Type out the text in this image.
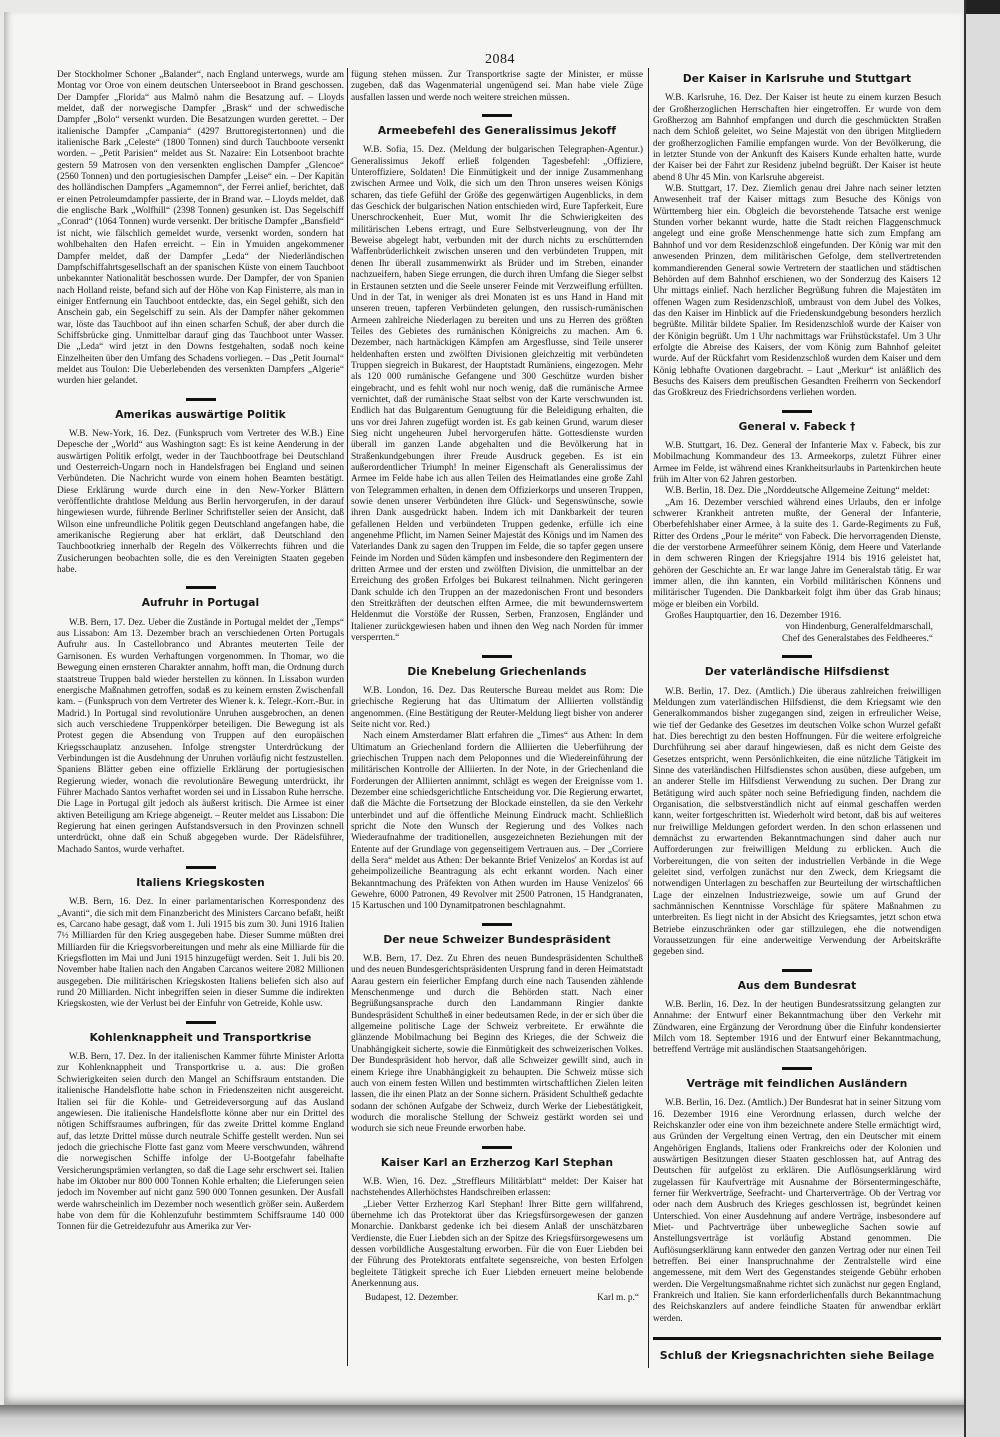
2084

Der Stockholmer Schoner „Balander“, nach England unterwegs, wurde am Montag vor Oroe von einem deutschen Unterseeboot in Brand geschossen. Der Dampfer „Florida“ aus Malmö nahm die Besatzung auf. – Lloyds meldet, daß der norwegische Dampfer „Brask“ und der schwedische Dampfer „Bolo“ versenkt wurden. Die Besatzungen wurden gerettet. – Der italienische Dampfer „Campania“ (4297 Bruttoregistertonnen) und die italienische Bark „Celeste“ (1800 Tonnen) sind durch Tauchboote versenkt worden. – „Petit Parisien“ meldet aus St. Nazaire: Ein Lotsenboot brachte gestern 59 Matrosen von den versenkten englischen Dampfer „Glencoe“ (2560 Tonnen) und den portugiesischen Dampfer „Leise“ ein. – Der Kapitän des holländischen Dampfers „Agamemnon“, der Ferrei anlief, berichtet, daß er einen Petroleumdampfer passierte, der in Brand war. – Lloyds meldet, daß die englische Bark „Wolfhill“ (2398 Tonnen) gesunken ist. Das Segelschiff „Conrad“ (1064 Tonnen) wurde versenkt. Der britische Dampfer „Bansfield“ ist nicht, wie fälschlich gemeldet wurde, versenkt worden, sondern hat wohlbehalten den Hafen erreicht. – Ein in Ymuiden angekommener Dampfer meldet, daß der Dampfer „Leda“ der Niederländischen Dampfschiffahrtsgesellschaft an der spanischen Küste von einem Tauchboot unbekannter Nationalität beschossen wurde. Der Dampfer, der von Spanien nach Holland reiste, befand sich auf der Höhe von Kap Finisterre, als man in einiger Entfernung ein Tauchboot entdeckte, das, ein Segel gehißt, sich den Anschein gab, ein Segelschiff zu sein. Als der Dampfer näher gekommen war, löste das Tauchboot auf ihn einen scharfen Schuß, der aber durch die Schiffsbrücke ging. Unmittelbar darauf ging das Tauchboot unter Wasser. Die „Leda“ wird jetzt in den Downs festgehalten, sodaß noch keine Einzelheiten über den Umfang des Schadens vorliegen. – Das „Petit Journal“ meldet aus Toulon: Die Ueberlebenden des versenkten Dampfers „Algerie“ wurden hier gelandet.

Amerikas auswärtige Politik

W.B. New-York, 16. Dez. (Funkspruch vom Vertreter des W.B.) Eine Depesche der „World“ aus Washington sagt: Es ist keine Aenderung in der auswärtigen Politik erfolgt, weder in der Tauchbootfrage bei Deutschland und Oesterreich-Ungarn noch in Handelsfragen bei England und seinen Verbündeten. Die Nachricht wurde von einem hohen Beamten bestätigt. Diese Erklärung wurde durch eine in den New-Yorker Blättern veröffentlichte drahtlose Meldung aus Berlin hervorgerufen, in der darauf hingewiesen wurde, führende Berliner Schriftsteller seien der Ansicht, daß Wilson eine unfreundliche Politik gegen Deutschland angefangen habe, die amerikanische Regierung aber hat erklärt, daß Deutschland den Tauchbootkrieg innerhalb der Regeln des Völkerrechts führen und die Zusicherungen beobachten solle, die es den Vereinigten Staaten gegeben habe.

Aufruhr in Portugal

W.B. Bern, 17. Dez. Ueber die Zustände in Portugal meldet der „Temps“ aus Lissabon: Am 13. Dezember brach an verschiedenen Orten Portugals Aufruhr aus. In Castellobranco und Abrantes meuterten Teile der Garnisonen. Es wurden Verhaftungen vorgenommen. In Thomar, wo die Bewegung einen ernsteren Charakter annahm, hofft man, die Ordnung durch staatstreue Truppen bald wieder herstellen zu können. In Lissabon wurden energische Maßnahmen getroffen, sodaß es zu keinem ernsten Zwischenfall kam. – (Funkspruch von dem Vertreter des Wiener k. k. Telegr.-Korr.-Bur. in Madrid.) In Portugal sind revolutionäre Unruhen ausgebrochen, an denen sich auch verschiedene Truppenkörper beteiligen. Die Bewegung ist als Protest gegen die Absendung von Truppen auf den europäischen Kriegsschauplatz anzusehen. Infolge strengster Unterdrückung der Verbindungen ist die Ausdehnung der Unruhen vorläufig nicht festzustellen. Spaniens Blätter geben eine offizielle Erklärung der portugiesischen Regierung wieder, wonach die revolutionäre Bewegung unterdrückt, ihr Führer Machado Santos verhaftet worden sei und in Lissabon Ruhe herrsche. Die Lage in Portugal gilt jedoch als äußerst kritisch. Die Armee ist einer aktiven Beteiligung am Kriege abgeneigt. – Reuter meldet aus Lissabon: Die Regierung hat einen geringen Aufstandsversuch in den Provinzen schnell unterdrückt, ohne daß ein Schuß abgegeben wurde. Der Rädelsführer, Machado Santos, wurde verhaftet.

Italiens Kriegskosten

W.B. Bern, 16. Dez. In einer parlamentarischen Korrespondenz des „Avanti“, die sich mit dem Finanzbericht des Ministers Carcano befaßt, heißt es, Carcano habe gesagt, daß vom 1. Juli 1915 bis zum 30. Juni 1916 Italien 7½ Milliarden für den Krieg ausgegeben habe. Dieser Summe müßten drei Milliarden für die Kriegsvorbereitungen und mehr als eine Milliarde für die Kriegsflotten im Mai und Juni 1915 hinzugefügt werden. Seit 1. Juli bis 20. November habe Italien nach den Angaben Carcanos weitere 2082 Millionen ausgegeben. Die militärischen Kriegskosten Italiens beliefen sich also auf rund 20 Milliarden. Nicht inbegriffen seien in dieser Summe die indirekten Kriegskosten, wie der Verlust bei der Einfuhr von Getreide, Kohle usw.

Kohlenknappheit und Transportkrise

W.B. Bern, 17. Dez. In der italienischen Kammer führte Minister Arlotta zur Kohlenknappheit und Transportkrise u. a. aus: Die großen Schwierigkeiten seien durch den Mangel an Schiffsraum entstanden. Die italienische Handelsflotte habe schon in Friedenszeiten nicht ausgereicht. Italien sei für die Kohle- und Getreideversorgung auf das Ausland angewiesen. Die italienische Handelsflotte könne aber nur ein Drittel des nötigen Schiffsraumes aufbringen, für das zweite Drittel komme England auf, das letzte Drittel müsse durch neutrale Schiffe gestellt werden. Nun sei jedoch die griechische Flotte fast ganz vom Meere verschwunden, während die norwegischen Schiffe infolge der U-Bootgefahr fabelhafte Versicherungsprämien verlangten, so daß die Lage sehr erschwert sei. Italien habe im Oktober nur 800 000 Tonnen Kohle erhalten; die Lieferungen seien jedoch im November auf nicht ganz 590 000 Tonnen gesunken. Der Ausfall werde wahrscheinlich im Dezember noch wesentlich größer sein. Außerdem habe von dem für die Kohlenzufuhr bestimmtem Schiffsraume 140 000 Tonnen für die Getreidezufuhr aus Amerika zur Ver-

fügung stehen müssen. Zur Transportkrise sagte der Minister, er müsse zugeben, daß das Wagenmaterial ungenügend sei. Man habe viele Züge ausfallen lassen und werde noch weitere streichen müssen.

Armeebefehl des Generalissimus Jekoff

W.B. Sofia, 15. Dez. (Meldung der bulgarischen Telegraphen-Agentur.) Generalissimus Jekoff erließ folgenden Tagesbefehl: „Offiziere, Unteroffiziere, Soldaten! Die Einmütigkeit und der innige Zusammenhang zwischen Armee und Volk, die sich um den Thron unseres weisen Königs scharen, das tiefe Gefühl der Größe des gegenwärtigen Augenblicks, in dem das Geschick der bulgarischen Nation entschieden wird, Eure Tapferkeit, Eure Unerschrockenheit, Euer Mut, womit Ihr die Schwierigkeiten des militärischen Lebens ertragt, und Eure Selbstverleugnung, von der Ihr Beweise abgelegt habt, verbunden mit der durch nichts zu erschütternden Waffenbrüderlichkeit zwischen unseren und den verbündeten Truppen, mit denen Ihr überall zusammenwirkt als Brüder und im Streben, einander nachzueifern, haben Siege errungen, die durch ihren Umfang die Sieger selbst in Erstaunen setzten und die Seele unserer Feinde mit Verzweiflung erfüllten. Und in der Tat, in weniger als drei Monaten ist es uns Hand in Hand mit unseren treuen, tapferen Verbündeten gelungen, den russisch-rumänischen Armeen zahlreiche Niederlagen zu bereiten und uns zu Herren des größten Teiles des Gebietes des rumänischen Königreichs zu machen. Am 6. Dezember, nach hartnäckigen Kämpfen am Argesflusse, sind Teile unserer heldenhaften ersten und zwölften Divisionen gleichzeitig mit verbündeten Truppen siegreich in Bukarest, der Hauptstadt Rumäniens, eingezogen. Mehr als 120 000 rumänische Gefangene und 300 Geschütze wurden bisher eingebracht, und es fehlt wohl nur noch wenig, daß die rumänische Armee vernichtet, daß der rumänische Staat selbst von der Karte verschwunden ist. Endlich hat das Bulgarentum Genugtuung für die Beleidigung erhalten, die uns vor drei Jahren zugefügt worden ist. Es gab keinen Grund, warum dieser Sieg nicht ungeheuren Jubel hervorgerufen hätte. Gottesdienste wurden überall im ganzen Lande abgehalten und die Bevölkerung hat in Straßenkundgebungen ihrer Freude Ausdruck gegeben. Es ist ein außerordentlicher Triumph! In meiner Eigenschaft als Generalissimus der Armee im Felde habe ich aus allen Teilen des Heimatlandes eine große Zahl von Telegrammen erhalten, in denen dem Offizierkorps und unseren Truppen, sowie denen unserer Verbündeten ihre Glück- und Segenswünsche, sowie ihren Dank ausgedrückt haben. Indem ich mit Dankbarkeit der teuren gefallenen Helden und verbündeten Truppen gedenke, erfülle ich eine angenehme Pflicht, im Namen Seiner Majestät des Königs und im Namen des Vaterlandes Dank zu sagen den Truppen im Felde, die so tapfer gegen unsere Feinde im Norden und Süden kämpfen und insbesondere den Regimentern der dritten Armee und der ersten und zwölften Division, die unmittelbar an der Erreichung des großen Erfolges bei Bukarest teilnahmen. Nicht geringeren Dank schulde ich den Truppen an der mazedonischen Front und besonders den Streitkräften der deutschen elften Armee, die mit bewundernswertem Heldenmut die Vorstöße der Russen, Serben, Franzosen, Engländer und Italiener zurückgewiesen haben und ihnen den Weg nach Norden für immer versperrten.“

Die Knebelung Griechenlands

W.B. London, 16. Dez. Das Reutersche Bureau meldet aus Rom: Die griechische Regierung hat das Ultimatum der Alliierten vollständig angenommen. (Eine Bestätigung der Reuter-Meldung liegt bisher von anderer Seite nicht vor. Red.)

Nach einem Amsterdamer Blatt erfahren die „Times“ aus Athen: In dem Ultimatum an Griechenland fordern die Alliierten die Ueberführung der griechischen Truppen nach dem Peloponnes und die Wiedereinführung der militärischen Kontrolle der Alliierten. In der Note, in der Griechenland die Forderungen der Alliierten annimmt, schlägt es wegen der Ereignisse vom 1. Dezember eine schiedsgerichtliche Entscheidung vor. Die Regierung erwartet, daß die Mächte die Fortsetzung der Blockade einstellen, da sie den Verkehr unterbindet und auf die öffentliche Meinung Eindruck macht. Schließlich spricht die Note den Wunsch der Regierung und des Volkes nach Wiederaufnahme der traditionellen, ausgezeichneten Beziehungen mit der Entente auf der Grundlage von gegenseitigem Vertrauen aus. – Der „Corriere della Sera“ meldet aus Athen: Der bekannte Brief Venizelos' an Kordas ist auf geheimpolizeiliche Beantragung als echt erkannt worden. Nach einer Bekanntmachung des Präfekten von Athen wurden im Hause Venizelos' 66 Gewehre, 6000 Patronen, 49 Revolver mit 2500 Patronen, 15 Handgranaten, 15 Kartuschen und 100 Dynamitpatronen beschlagnahmt.

Der neue Schweizer Bundespräsident

W.B. Bern, 17. Dez. Zu Ehren des neuen Bundespräsidenten Schultheß und des neuen Bundesgerichtspräsidenten Ursprung fand in deren Heimatstadt Aarau gestern ein feierlicher Empfang durch eine nach Tausenden zählende Menschenmenge und durch die Behörden statt. Nach einer Begrüßungsansprache durch den Landammann Ringier dankte Bundespräsident Schultheß in einer bedeutsamen Rede, in der er sich über die allgemeine politische Lage der Schweiz verbreitete. Er erwähnte die glänzende Mobilmachung bei Beginn des Krieges, die der Schweiz die Unabhängigkeit sicherte, sowie die Einmütigkeit des schweizerischen Volkes. Der Bundespräsident hob hervor, daß alle Schweizer gewillt sind, auch in einem Kriege ihre Unabhängigkeit zu behaupten. Die Schweiz müsse sich auch von einem festen Willen und bestimmten wirtschaftlichen Zielen leiten lassen, die ihr einen Platz an der Sonne sichern. Präsident Schultheß gedachte sodann der schönen Aufgabe der Schweiz, durch Werke der Liebestätigkeit, wodurch die moralische Stellung der Schweiz gestärkt worden sei und wodurch sie sich neue Freunde erworben habe.

Kaiser Karl an Erzherzog Karl Stephan

W.B. Wien, 16. Dez. „Streffleurs Militärblatt“ meldet: Der Kaiser hat nachstehendes Allerhöchstes Handschreiben erlassen:

„Lieber Vetter Erzherzog Karl Stephan! Ihrer Bitte gern willfahrend, übernehme ich das Protektorat über das Kriegsfürsorgewesen der ganzen Monarchie. Dankbarst gedenke ich bei diesem Anlaß der unschätzbaren Verdienste, die Euer Liebden sich an der Spitze des Kriegsfürsorgewesens um dessen vorbildliche Ausgestaltung erworben. Für die von Euer Liebden bei der Führung des Protektorats entfaltete segensreiche, von besten Erfolgen begleitete Tätigkeit spreche ich Euer Liebden erneuert meine belobende Anerkennung aus.

Budapest, 12. Dezember.	Karl m. p.“
Der Kaiser in Karlsruhe und Stuttgart

W.B. Karlsruhe, 16. Dez. Der Kaiser ist heute zu einem kurzen Besuch der Großherzoglichen Herrschaften hier eingetroffen. Er wurde von dem Großherzog am Bahnhof empfangen und durch die geschmückten Straßen nach dem Schloß geleitet, wo Seine Majestät von den übrigen Mitgliedern der großherzoglichen Familie empfangen wurde. Von der Bevölkerung, die in letzter Stunde von der Ankunft des Kaisers Kunde erhalten hatte, wurde der Kaiser bei der Fahrt zur Residenz jubelnd begrüßt. Der Kaiser ist heute abend 8 Uhr 45 Min. von Karlsruhe abgereist.

W.B. Stuttgart, 17. Dez. Ziemlich genau drei Jahre nach seiner letzten Anwesenheit traf der Kaiser mittags zum Besuche des Königs von Württemberg hier ein. Obgleich die bevorstehende Tatsache erst wenige Stunden vorher bekannt wurde, hatte die Stadt reichen Flaggenschmuck angelegt und eine große Menschenmenge hatte sich zum Empfang am Bahnhof und vor dem Residenzschloß eingefunden. Der König war mit den anwesenden Prinzen, dem militärischen Gefolge, dem stellvertretenden kommandierenden General sowie Vertretern der staatlichen und städtischen Behörden auf dem Bahnhof erschienen, wo der Sonderzug des Kaisers 12 Uhr mittags einlief. Nach herzlicher Begrüßung fuhren die Majestäten im offenen Wagen zum Residenzschloß, umbraust von dem Jubel des Volkes, das den Kaiser im Hinblick auf die Friedenskundgebung besonders herzlich begrüßte. Militär bildete Spalier. Im Residenzschloß wurde der Kaiser von der Königin begrüßt. Um 1 Uhr nachmittags war Frühstückstafel. Um 3 Uhr erfolgte die Abreise des Kaisers, der vom König zum Bahnhof geleitet wurde. Auf der Rückfahrt vom Residenzschloß wurden dem Kaiser und dem König lebhafte Ovationen dargebracht. – Laut „Merkur“ ist anläßlich des Besuchs des Kaisers dem preußischen Gesandten Freiherrn von Seckendorf das Großkreuz des Friedrichsordens verliehen worden.

General v. Fabeck †

W.B. Stuttgart, 16. Dez. General der Infanterie Max v. Fabeck, bis zur Mobilmachung Kommandeur des 13. Armeekorps, zuletzt Führer einer Armee im Felde, ist während eines Krankheitsurlaubs in Partenkirchen heute früh im Alter von 62 Jahren gestorben.

W.B. Berlin, 18. Dez. Die „Norddeutsche Allgemeine Zeitung“ meldet:

„Am 16. Dezember verschied während eines Urlaubs, den er infolge schwerer Krankheit antreten mußte, der General der Infanterie, Oberbefehlshaber einer Armee, à la suite des 1. Garde-Regiments zu Fuß, Ritter des Ordens „Pour le mérite“ von Fabeck. Die hervorragenden Dienste, die der verstorbene Armeeführer seinem König, dem Heere und Vaterlande in dem schweren Ringen der Kriegsjahre 1914 bis 1916 geleistet hat, gehören der Geschichte an. Er war lange Jahre im Generalstab tätig. Er war immer allen, die ihn kannten, ein Vorbild militärischen Könnens und militärischer Tugenden. Die Dankbarkeit folgt ihm über das Grab hinaus; möge er bleiben ein Vorbild.

Großes Hauptquartier, den 16. Dezember 1916.

von Hindenburg, Generalfeldmarschall,
Chef des Generalstabes des Feldheeres.“
Der vaterländische Hilfsdienst

W.B. Berlin, 17. Dez. (Amtlich.) Die überaus zahlreichen freiwilligen Meldungen zum vaterländischen Hilfsdienst, die dem Kriegsamt wie den Generalkommandos bisher zugegangen sind, zeigen in erfreulicher Weise, wie tief der Gedanke des Gesetzes im deutschen Volke schon Wurzel gefaßt hat. Dies berechtigt zu den besten Hoffnungen. Für die weitere erfolgreiche Durchführung sei aber darauf hingewiesen, daß es nicht dem Geiste des Gesetzes entspricht, wenn Persönlichkeiten, die eine nützliche Tätigkeit im Sinne des vaterländischen Hilfsdienstes schon ausüben, diese aufgeben, um an anderer Stelle im Hilfsdienst Verwendung zu suchen. Der Drang zur Betätigung wird auch später noch seine Befriedigung finden, nachdem die Organisation, die selbstverständlich nicht auf einmal geschaffen werden kann, weiter fortgeschritten ist. Wiederholt wird betont, daß bis auf weiteres nur freiwillige Meldungen gefordert werden. In den schon erlassenen und demnächst zu erwartenden Bekanntmachungen sind daher auch nur Aufforderungen zur freiwilligen Meldung zu erblicken. Auch die Vorbereitungen, die von seiten der industriellen Verbände in die Wege geleitet sind, verfolgen zunächst nur den Zweck, dem Kriegsamt die notwendigen Unterlagen zu beschaffen zur Beurteilung der wirtschaftlichen Lage der einzelnen Industriezweige, sowie um auf Grund der sachmännischen Kenntnisse Vorschläge für spätere Maßnahmen zu unterbreiten. Es liegt nicht in der Absicht des Kriegsamtes, jetzt schon etwa Betriebe einzuschränken oder gar stillzulegen, ehe die notwendigen Voraussetzungen für eine anderweitige Verwendung der Arbeitskräfte gegeben sind.

Aus dem Bundesrat

W.B. Berlin, 16. Dez. In der heutigen Bundesratssitzung gelangten zur Annahme: der Entwurf einer Bekanntmachung über den Verkehr mit Zündwaren, eine Ergänzung der Verordnung über die Einfuhr kondensierter Milch vom 18. September 1916 und der Entwurf einer Bekanntmachung, betreffend Verträge mit ausländischen Staatsangehörigen.

Verträge mit feindlichen Ausländern

W.B. Berlin, 16. Dez. (Amtlich.) Der Bundesrat hat in seiner Sitzung vom 16. Dezember 1916 eine Verordnung erlassen, durch welche der Reichskanzler oder eine von ihm bezeichnete andere Stelle ermächtigt wird, aus Gründen der Vergeltung einen Vertrag, den ein Deutscher mit einem Angehörigen Englands, Italiens oder Frankreichs oder der Kolonien und auswärtigen Besitzungen dieser Staaten geschlossen hat, auf Antrag des Deutschen für aufgelöst zu erklären. Die Auflösungserklärung wird zugelassen für Kaufverträge mit Ausnahme der Börsentermingeschäfte, ferner für Werkverträge, Seefracht- und Charterverträge. Ob der Vertrag vor oder nach dem Ausbruch des Krieges geschlossen ist, begründet keinen Unterschied. Von einer Ausdehnung auf andere Verträge, insbesondere auf Miet- und Pachtverträge über unbewegliche Sachen sowie auf Anstellungsverträge ist vorläufig Abstand genommen. Die Auflösungserklärung kann entweder den ganzen Vertrag oder nur einen Teil betreffen. Bei einer Inanspruchnahme der Zentralstelle wird eine angemessene, mit dem Wert des Gegenstandes steigende Gebühr erhoben werden. Die Vergeltungsmaßnahme richtet sich zunächst nur gegen England, Frankreich und Italien. Sie kann erforderlichenfalls durch Bekanntmachung des Reichskanzlers auf andere feindliche Staaten für anwendbar erklärt werden.

Schluß der Kriegsnachrichten siehe Beilage
